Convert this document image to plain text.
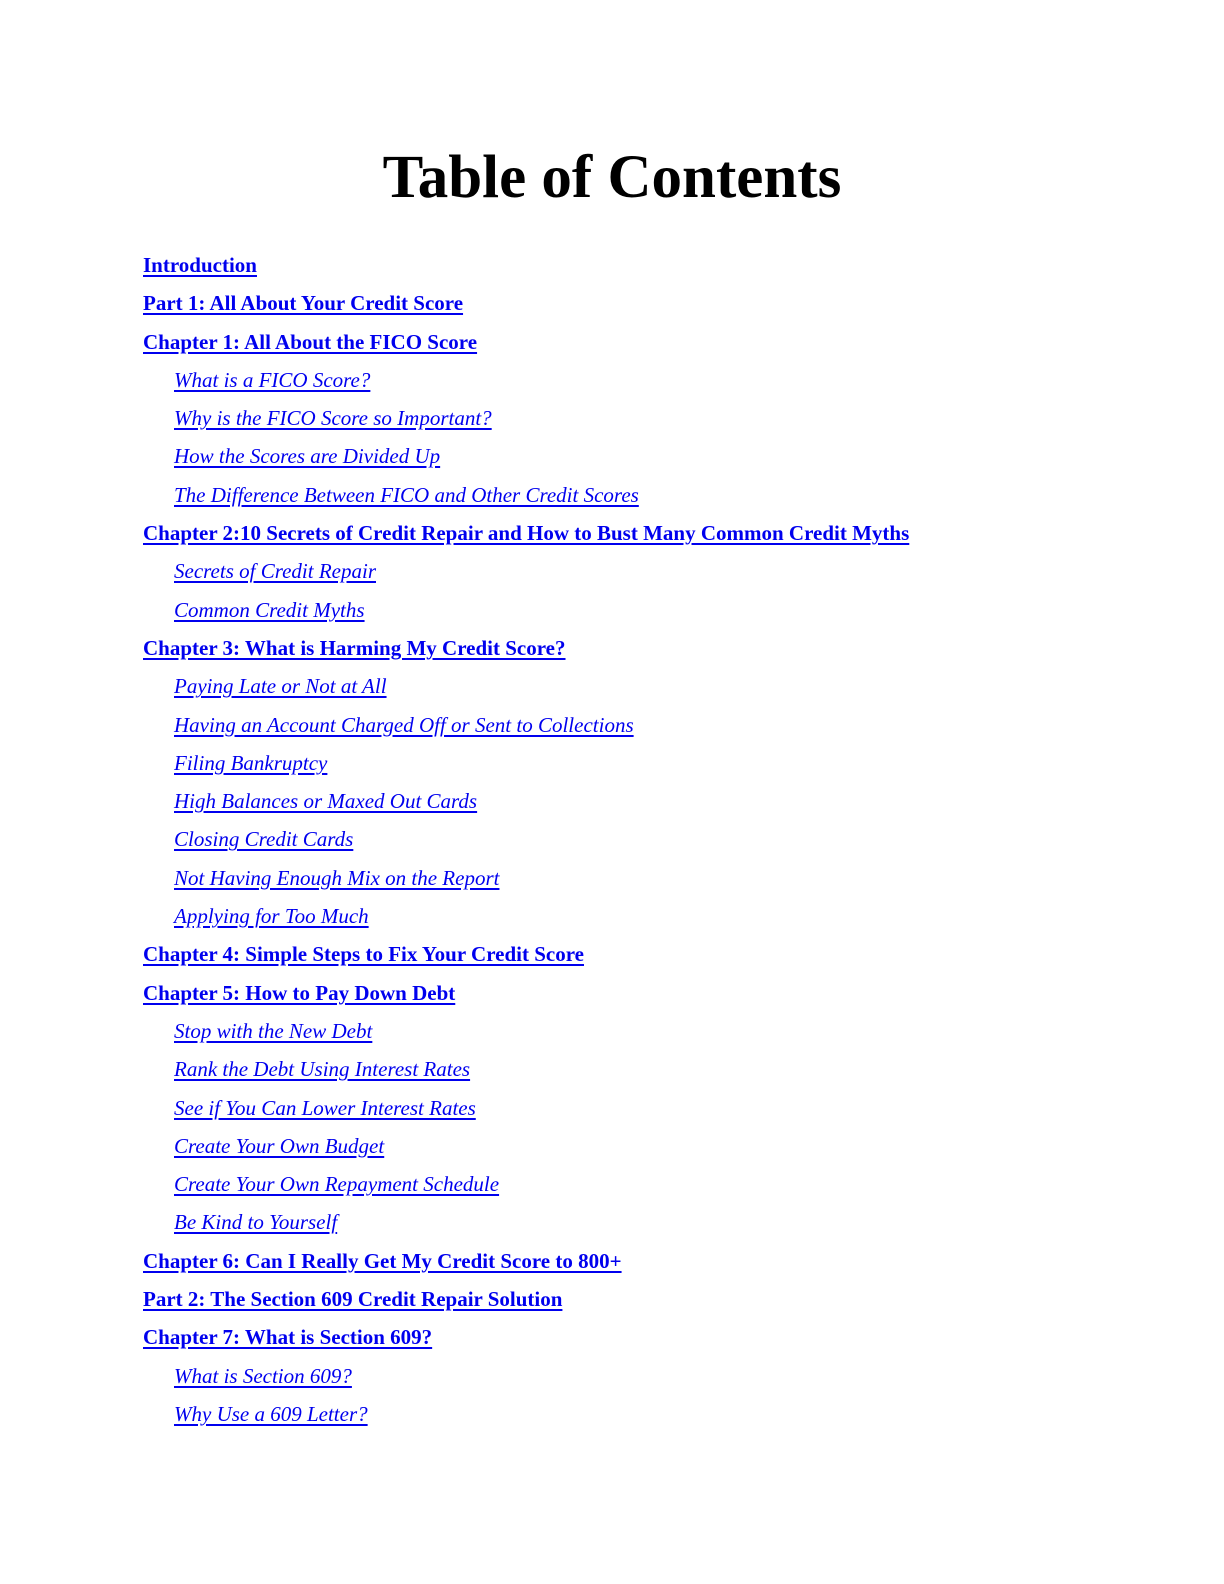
Table of Contents
Introduction
Part 1: All About Your Credit Score
Chapter 1: All About the FICO Score
What is a FICO Score?
Why is the FICO Score so Important?
How the Scores are Divided Up
The Difference Between FICO and Other Credit Scores
Chapter 2:10 Secrets of Credit Repair and How to Bust Many Common Credit Myths
Secrets of Credit Repair
Common Credit Myths
Chapter 3: What is Harming My Credit Score?
Paying Late or Not at All
Having an Account Charged Off or Sent to Collections
Filing Bankruptcy
High Balances or Maxed Out Cards
Closing Credit Cards
Not Having Enough Mix on the Report
Applying for Too Much
Chapter 4: Simple Steps to Fix Your Credit Score
Chapter 5: How to Pay Down Debt
Stop with the New Debt
Rank the Debt Using Interest Rates
See if You Can Lower Interest Rates
Create Your Own Budget
Create Your Own Repayment Schedule
Be Kind to Yourself
Chapter 6: Can I Really Get My Credit Score to 800+
Part 2: The Section 609 Credit Repair Solution
Chapter 7: What is Section 609?
What is Section 609?
Why Use a 609 Letter?
